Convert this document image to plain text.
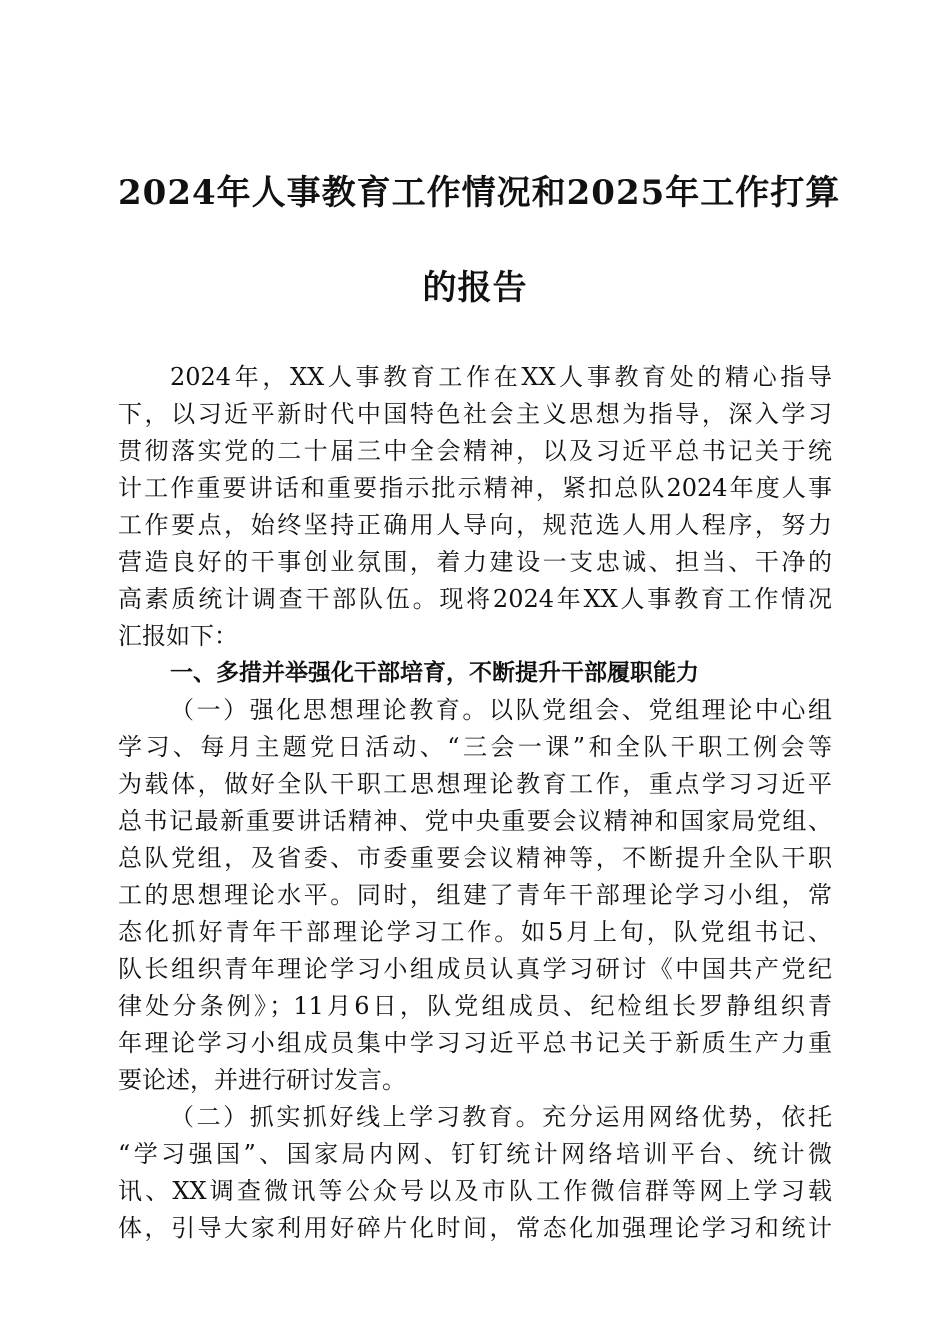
2024年人事教育工作情况和2025年工作打算
的报告
2024年，XX人事教育工作在XX人事教育处的精心指导
下，以习近平新时代中国特色社会主义思想为指导，深入学习
贯彻落实党的二十届三中全会精神，以及习近平总书记关于统
计工作重要讲话和重要指示批示精神，紧扣总队2024年度人事
工作要点，始终坚持正确用人导向，规范选人用人程序，努力
营造良好的干事创业氛围，着力建设一支忠诚、担当、干净的
高素质统计调查干部队伍。现将2024年XX人事教育工作情况
汇报如下：
一、多措并举强化干部培育，不断提升干部履职能力
（一）强化思想理论教育。以队党组会、党组理论中心组
学习、每月主题党日活动、“三会一课”和全队干职工例会等
为载体，做好全队干职工思想理论教育工作，重点学习习近平
总书记最新重要讲话精神、党中央重要会议精神和国家局党组、
总队党组，及省委、市委重要会议精神等，不断提升全队干职
工的思想理论水平。同时，组建了青年干部理论学习小组，常
态化抓好青年干部理论学习工作。如5月上旬，队党组书记、
队长组织青年理论学习小组成员认真学习研讨《中国共产党纪
律处分条例》；11月6日，队党组成员、纪检组长罗静组织青
年理论学习小组成员集中学习习近平总书记关于新质生产力重
要论述，并进行研讨发言。
（二）抓实抓好线上学习教育。充分运用网络优势，依托
“学习强国”、国家局内网、钉钉统计网络培训平台、统计微
讯、XX调查微讯等公众号以及市队工作微信群等网上学习载
体，引导大家利用好碎片化时间，常态化加强理论学习和统计
